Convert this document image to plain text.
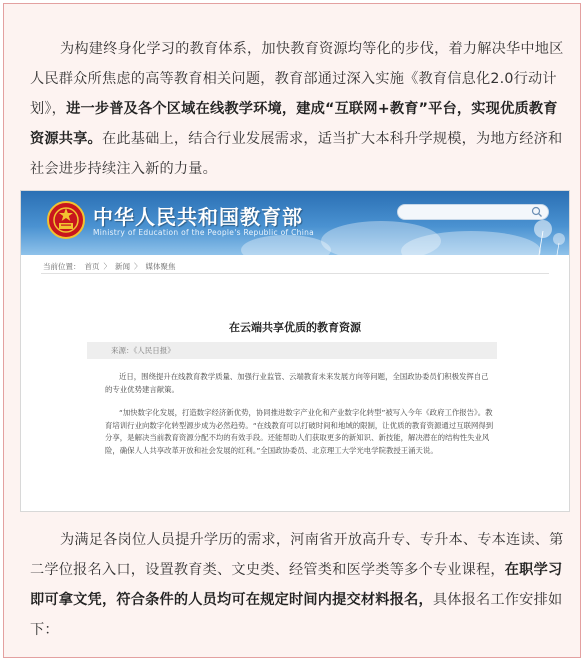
为构建终身化学习的教育体系，加快教育资源均等化的步伐，着力解决华中地区人民群众所焦虑的高等教育相关问题，教育部通过深入实施《教育信息化2.0行动计划》，进一步普及各个区域在线教学环境，建成“互联网+教育”平台，实现优质教育资源共享。在此基础上，结合行业发展需求，适当扩大本科升学规模，为地方经济和社会进步持续注入新的力量。

中华人民共和国教育部
Ministry of Education of the People's Republic of China
当前位置： 首页 〉 新闻 〉 媒体聚焦
在云端共享优质的教育资源
来源：《人民日报》

近日，围绕提升在线教育教学质量、加强行业监管、云端教育未来发展方向等问题，全国政协委员们积极发挥自己的专业优势建言献策。

“加快数字化发展，打造数字经济新优势，协同推进数字产业化和产业数字化转型”被写入今年《政府工作报告》。教育培训行业向数字化转型源步成为必然趋势。“在线教育可以打破时间和地域的限制，让优质的教育资源通过互联网得到分享，是解决当前教育资源分配不均的有效手段。还能帮助人们获取更多的新知识、新技能，解决潜在的结构性失业风险，确保人人共享改革开放和社会发展的红利。”全国政协委员、北京理工大学光电学院教授王涌天说。

为满足各岗位人员提升学历的需求，河南省开放高升专、专升本、专本连读、第二学位报名入口，设置教育类、文史类、经管类和医学类等多个专业课程，在职学习即可拿文凭，符合条件的人员均可在规定时间内提交材料报名，具体报名工作安排如下：
